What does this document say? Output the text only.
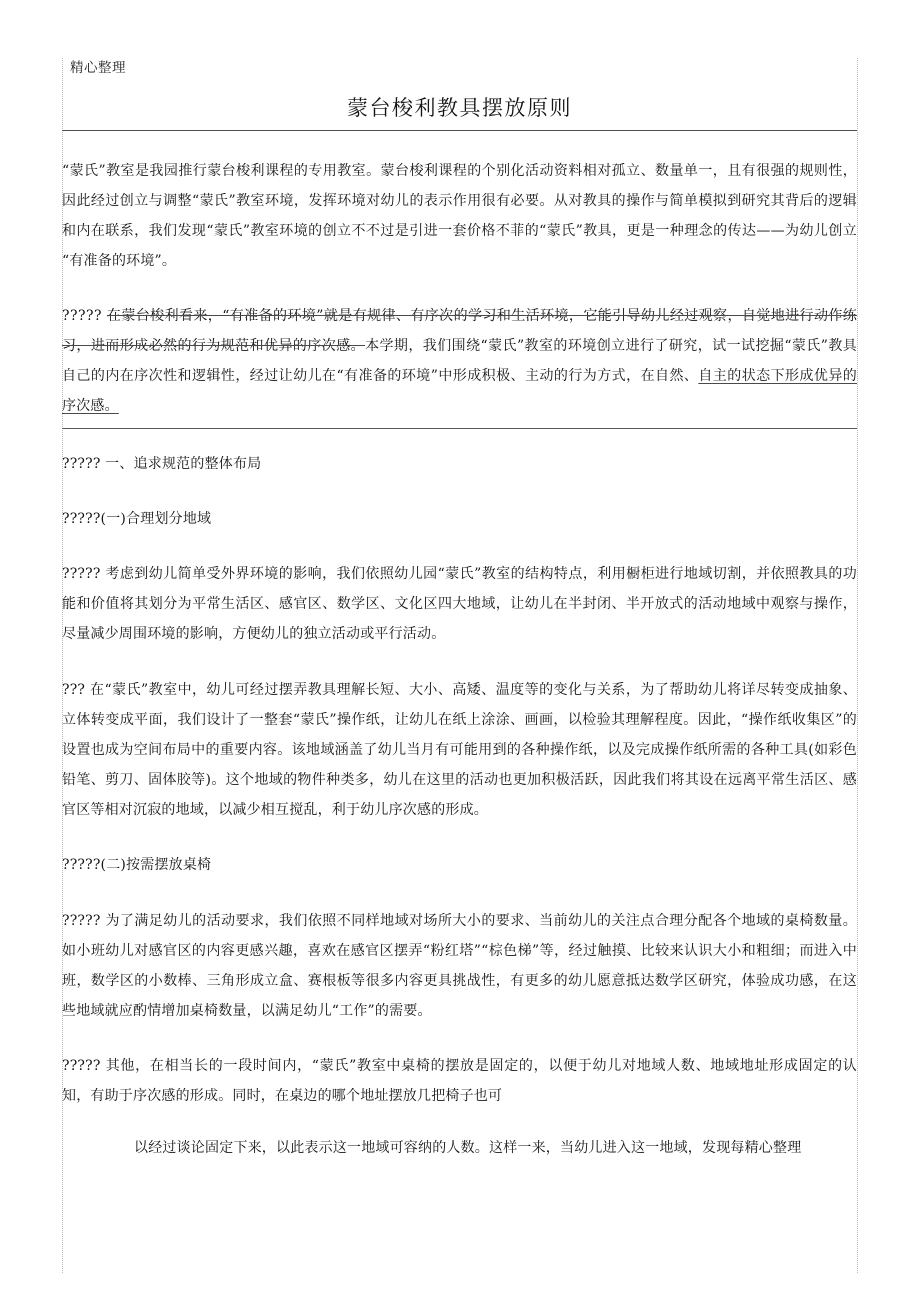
精心整理
蒙台梭利教具摆放原则

“蒙氏”教室是我园推行蒙台梭利课程的专用教室。蒙台梭利课程的个别化活动资料相对孤立、数量单一，且有很强的规则性，因此经过创立与调整“蒙氏”教室环境，发挥环境对幼儿的表示作用很有必要。从对教具的操作与简单模拟到研究其背后的逻辑和内在联系，我们发现“蒙氏”教室环境的创立不不过是引进一套价格不菲的“蒙氏”教具，更是一种理念的传达——为幼儿创立“有准备的环境”。

????? 在蒙台梭利看来，“有准备的环境”就是有规律、有序次的学习和生活环境，它能引导幼儿经过观察，自觉地进行动作练习，进而形成必然的行为规范和优异的序次感。本学期，我们围绕“蒙氏”教室的环境创立进行了研究，试一试挖掘“蒙氏”教具自己的内在序次性和逻辑性，经过让幼儿在“有准备的环境”中形成积极、主动的行为方式，在自然、自主的状态下形成优异的序次感。

????? 一、追求规范的整体布局
?????(一)合理划分地域

????? 考虑到幼儿简单受外界环境的影响，我们依照幼儿园“蒙氏”教室的结构特点，利用橱柜进行地域切割，并依照教具的功能和价值将其划分为平常生活区、感官区、数学区、文化区四大地域，让幼儿在半封闭、半开放式的活动地域中观察与操作，尽量减少周围环境的影响，方便幼儿的独立活动或平行活动。

??? 在“蒙氏”教室中，幼儿可经过摆弄教具理解长短、大小、高矮、温度等的变化与关系，为了帮助幼儿将详尽转变成抽象、立体转变成平面，我们设计了一整套“蒙氏”操作纸，让幼儿在纸上涂涂、画画，以检验其理解程度。因此，“操作纸收集区”的设置也成为空间布局中的重要内容。该地域涵盖了幼儿当月有可能用到的各种操作纸，以及完成操作纸所需的各种工具(如彩色铅笔、剪刀、固体胶等)。这个地域的物件种类多，幼儿在这里的活动也更加积极活跃，因此我们将其设在远离平常生活区、感官区等相对沉寂的地域，以减少相互搅乱，利于幼儿序次感的形成。

?????(二)按需摆放桌椅

????? 为了满足幼儿的活动要求，我们依照不同样地域对场所大小的要求、当前幼儿的关注点合理分配各个地域的桌椅数量。如小班幼儿对感官区的内容更感兴趣，喜欢在感官区摆弄“粉红塔”“棕色梯”等，经过触摸、比较来认识大小和粗细；而进入中班，数学区的小数棒、三角形成立盒、赛根板等很多内容更具挑战性，有更多的幼儿愿意抵达数学区研究，体验成功感，在这些地域就应酌情增加桌椅数量，以满足幼儿“工作”的需要。

????? 其他，在相当长的一段时间内，“蒙氏”教室中桌椅的摆放是固定的，以便于幼儿对地域人数、地域地址形成固定的认知，有助于序次感的形成。同时，在桌边的哪个地址摆放几把椅子也可

以经过谈论固定下来，以此表示这一地域可容纳的人数。这样一来，当幼儿进入这一地域，发现每精心整理
